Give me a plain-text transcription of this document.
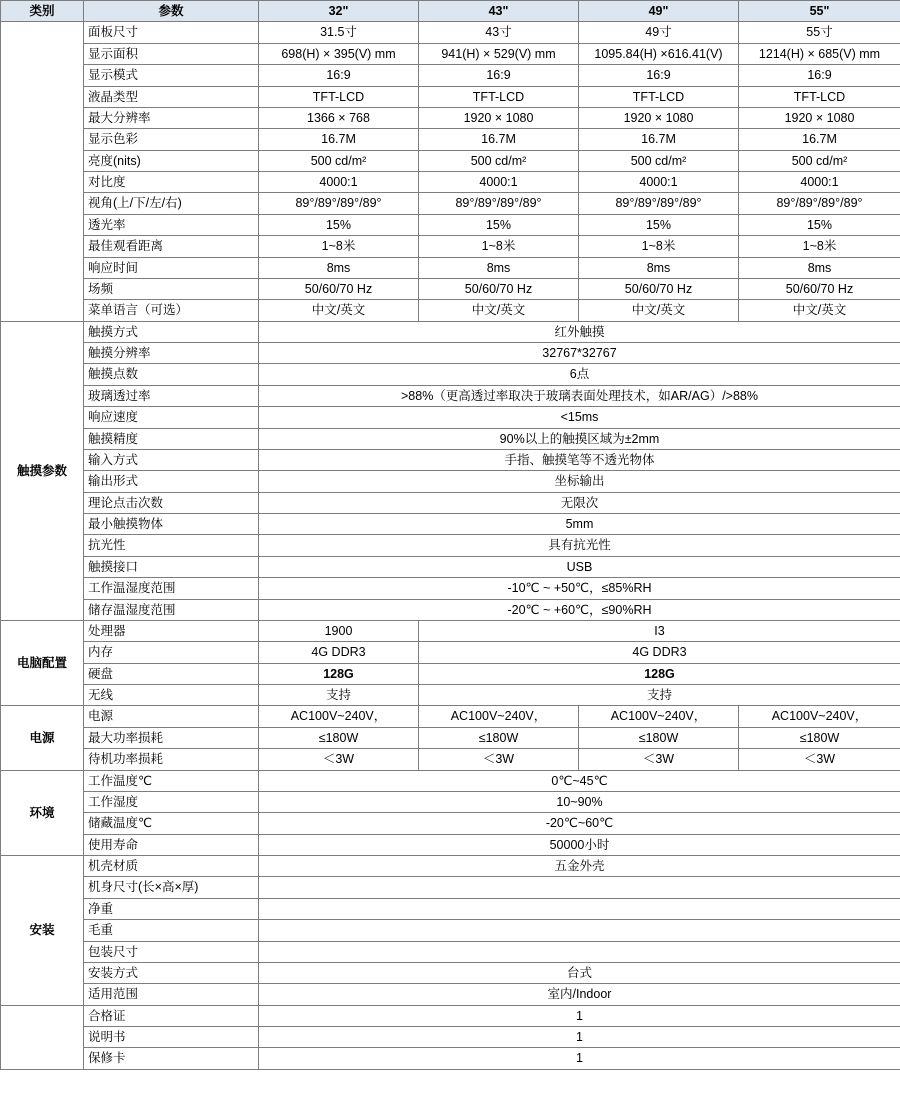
类别	参数	32"	43"	49"	55"
	面板尺寸	31.5寸	43寸	49寸	55寸
	显示面积	698(H) × 395(V) mm	941(H) × 529(V) mm	1095.84(H) ×616.41(V)	1214(H) × 685(V) mm
	显示模式	16:9	16:9	16:9	16:9
	液晶类型	TFT-LCD	TFT-LCD	TFT-LCD	TFT-LCD
	最大分辨率	1366 × 768	1920 × 1080	1920 × 1080	1920 × 1080
	显示色彩	16.7M	16.7M	16.7M	16.7M
	亮度(nits)	500 cd/m²	500 cd/m²	500 cd/m²	500 cd/m²
	对比度	4000:1	4000:1	4000:1	4000:1
	视角(上/下/左/右)	89°/89°/89°/89°	89°/89°/89°/89°	89°/89°/89°/89°	89°/89°/89°/89°
	透光率	15%	15%	15%	15%
	最佳观看距离	1~8米	1~8米	1~8米	1~8米
	响应时间	8ms	8ms	8ms	8ms
	场频	50/60/70 Hz	50/60/70 Hz	50/60/70 Hz	50/60/70 Hz
	菜单语言（可选）	中文/英文	中文/英文	中文/英文	中文/英文
触摸参数	触摸方式	红外触摸			
	触摸分辨率	32767*32767			
	触摸点数	6点			
	玻璃透过率	>88%（更高透过率取决于玻璃表面处理技术，如AR/AG）/>88%			
	响应速度	<15ms			
	触摸精度	90%以上的触摸区域为±2mm			
	输入方式	手指、触摸笔等不透光物体			
	输出形式	坐标输出			
	理论点击次数	无限次			
	最小触摸物体	5mm			
	抗光性	具有抗光性			
	触摸接口	USB			
	工作温湿度范围	-10℃ ~ +50℃，≤85%RH			
	储存温湿度范围	-20℃ ~ +60℃，≤90%RH			
电脑配置	处理器	1900	I3		
	内存	4G DDR3	4G DDR3		
	硬盘	128G	128G		
	无线	支持	支持		
电源	电源	AC100V~240V，	AC100V~240V，	AC100V~240V，	AC100V~240V，
	最大功率损耗	≤180W	≤180W	≤180W	≤180W
	待机功率损耗	＜3W	＜3W	＜3W	＜3W
环境	工作温度℃	0℃~45℃			
	工作湿度	10~90%			
	储藏温度℃	-20℃~60℃			
	使用寿命	50000小时			
安装	机壳材质	五金外壳			
	机身尺寸(长×高×厚)				
	净重				
	毛重				
	包装尺寸				
	安装方式	台式			
	适用范围	室内/Indoor			
	合格证	1			
	说明书	1			
	保修卡	1			
